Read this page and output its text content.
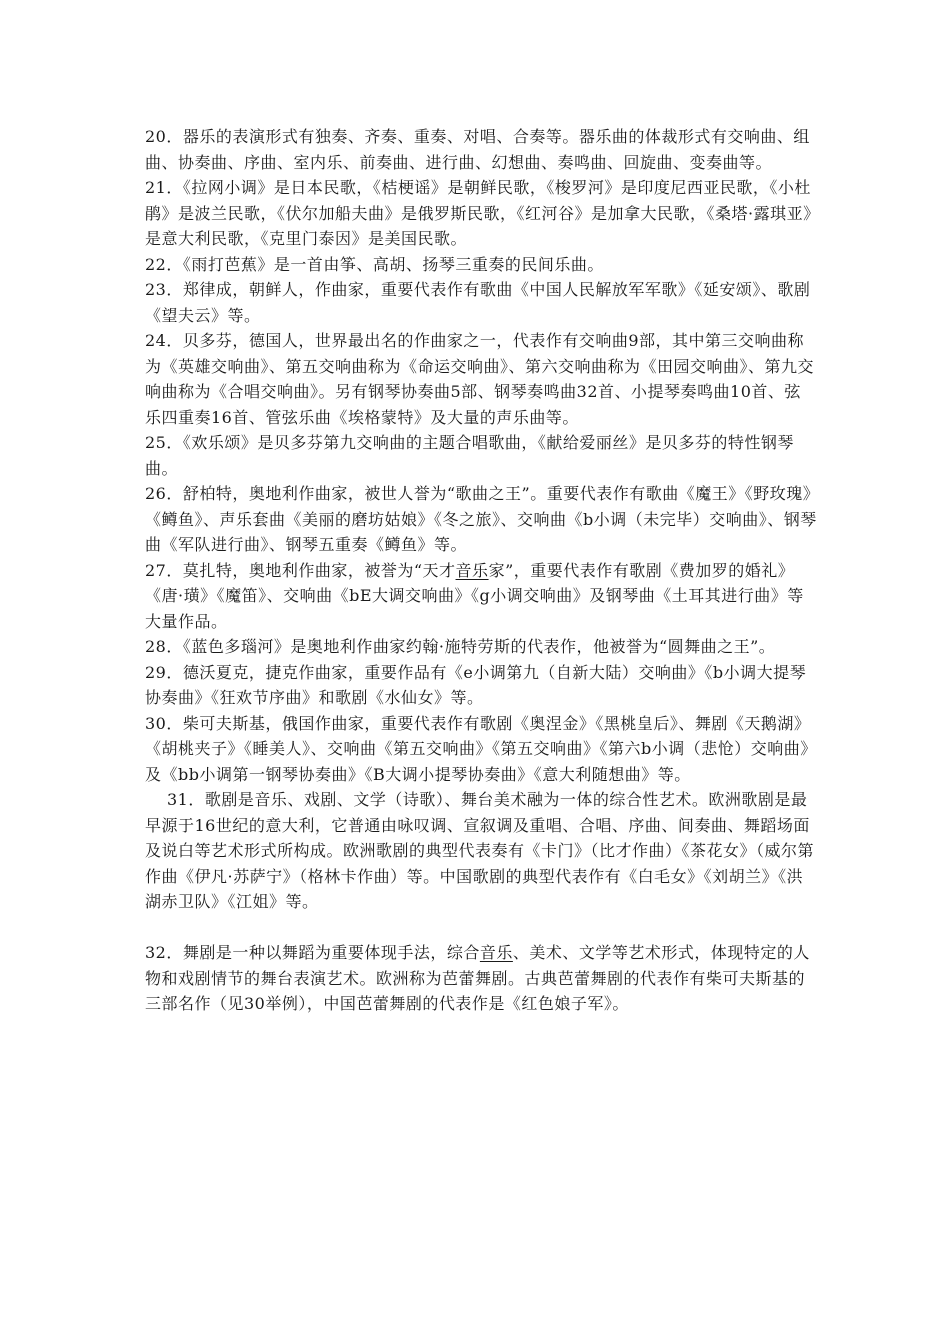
20．器乐的表演形式有独奏、齐奏、重奏、对唱、合奏等。器乐曲的体裁形式有交响曲、组曲、协奏曲、序曲、室内乐、前奏曲、进行曲、幻想曲、奏鸣曲、回旋曲、变奏曲等。

21．《拉网小调》是日本民歌，《桔梗谣》是朝鲜民歌，《梭罗河》是印度尼西亚民歌，《小杜鹃》是波兰民歌，《伏尔加船夫曲》是俄罗斯民歌，《红河谷》是加拿大民歌，《桑塔·露琪亚》是意大利民歌，《克里门泰因》是美国民歌。

22．《雨打芭蕉》是一首由筝、高胡、扬琴三重奏的民间乐曲。

23．郑律成，朝鲜人，作曲家，重要代表作有歌曲《中国人民解放军军歌》《延安颂》、歌剧《望夫云》等。

24．贝多芬，德国人，世界最出名的作曲家之一，代表作有交响曲9部，其中第三交响曲称为《英雄交响曲》、第五交响曲称为《命运交响曲》、第六交响曲称为《田园交响曲》、第九交响曲称为《合唱交响曲》。另有钢琴协奏曲5部、钢琴奏鸣曲32首、小提琴奏鸣曲10首、弦乐四重奏16首、管弦乐曲《埃格蒙特》及大量的声乐曲等。

25．《欢乐颂》是贝多芬第九交响曲的主题合唱歌曲，《献给爱丽丝》是贝多芬的特性钢琴曲。

26．舒柏特，奥地利作曲家，被世人誉为“歌曲之王”。重要代表作有歌曲《魔王》《野玫瑰》《鳟鱼》、声乐套曲《美丽的磨坊姑娘》《冬之旅》、交响曲《b小调（未完毕）交响曲》、钢琴曲《军队进行曲》、钢琴五重奏《鳟鱼》等。

27．莫扎特，奥地利作曲家，被誉为“天才音乐家”，重要代表作有歌剧《费加罗的婚礼》《唐·璜》《魔笛》、交响曲《bE大调交响曲》《g小调交响曲》及钢琴曲《土耳其进行曲》等大量作品。

28．《蓝色多瑙河》是奥地利作曲家约翰·施特劳斯的代表作，他被誉为“圆舞曲之王”。

29．德沃夏克，捷克作曲家，重要作品有《e小调第九（自新大陆）交响曲》《b小调大提琴协奏曲》《狂欢节序曲》和歌剧《水仙女》等。

30．柴可夫斯基，俄国作曲家，重要代表作有歌剧《奥涅金》《黑桃皇后》、舞剧《天鹅湖》《胡桃夹子》《睡美人》、交响曲《第五交响曲》《第五交响曲》《第六b小调（悲怆）交响曲》及《bb小调第一钢琴协奏曲》《B大调小提琴协奏曲》《意大利随想曲》等。

31．歌剧是音乐、戏剧、文学（诗歌）、舞台美术融为一体的综合性艺术。欧洲歌剧是最早源于16世纪的意大利，它普通由咏叹调、宣叙调及重唱、合唱、序曲、间奏曲、舞蹈场面及说白等艺术形式所构成。欧洲歌剧的典型代表奏有《卡门》（比才作曲）《茶花女》（威尔第作曲《伊凡·苏萨宁》（格林卡作曲）等。中国歌剧的典型代表作有《白毛女》《刘胡兰》《洪湖赤卫队》《江姐》等。

32．舞剧是一种以舞蹈为重要体现手法，综合音乐、美术、文学等艺术形式，体现特定的人物和戏剧情节的舞台表演艺术。欧洲称为芭蕾舞剧。古典芭蕾舞剧的代表作有柴可夫斯基的三部名作（见30举例），中国芭蕾舞剧的代表作是《红色娘子军》。
